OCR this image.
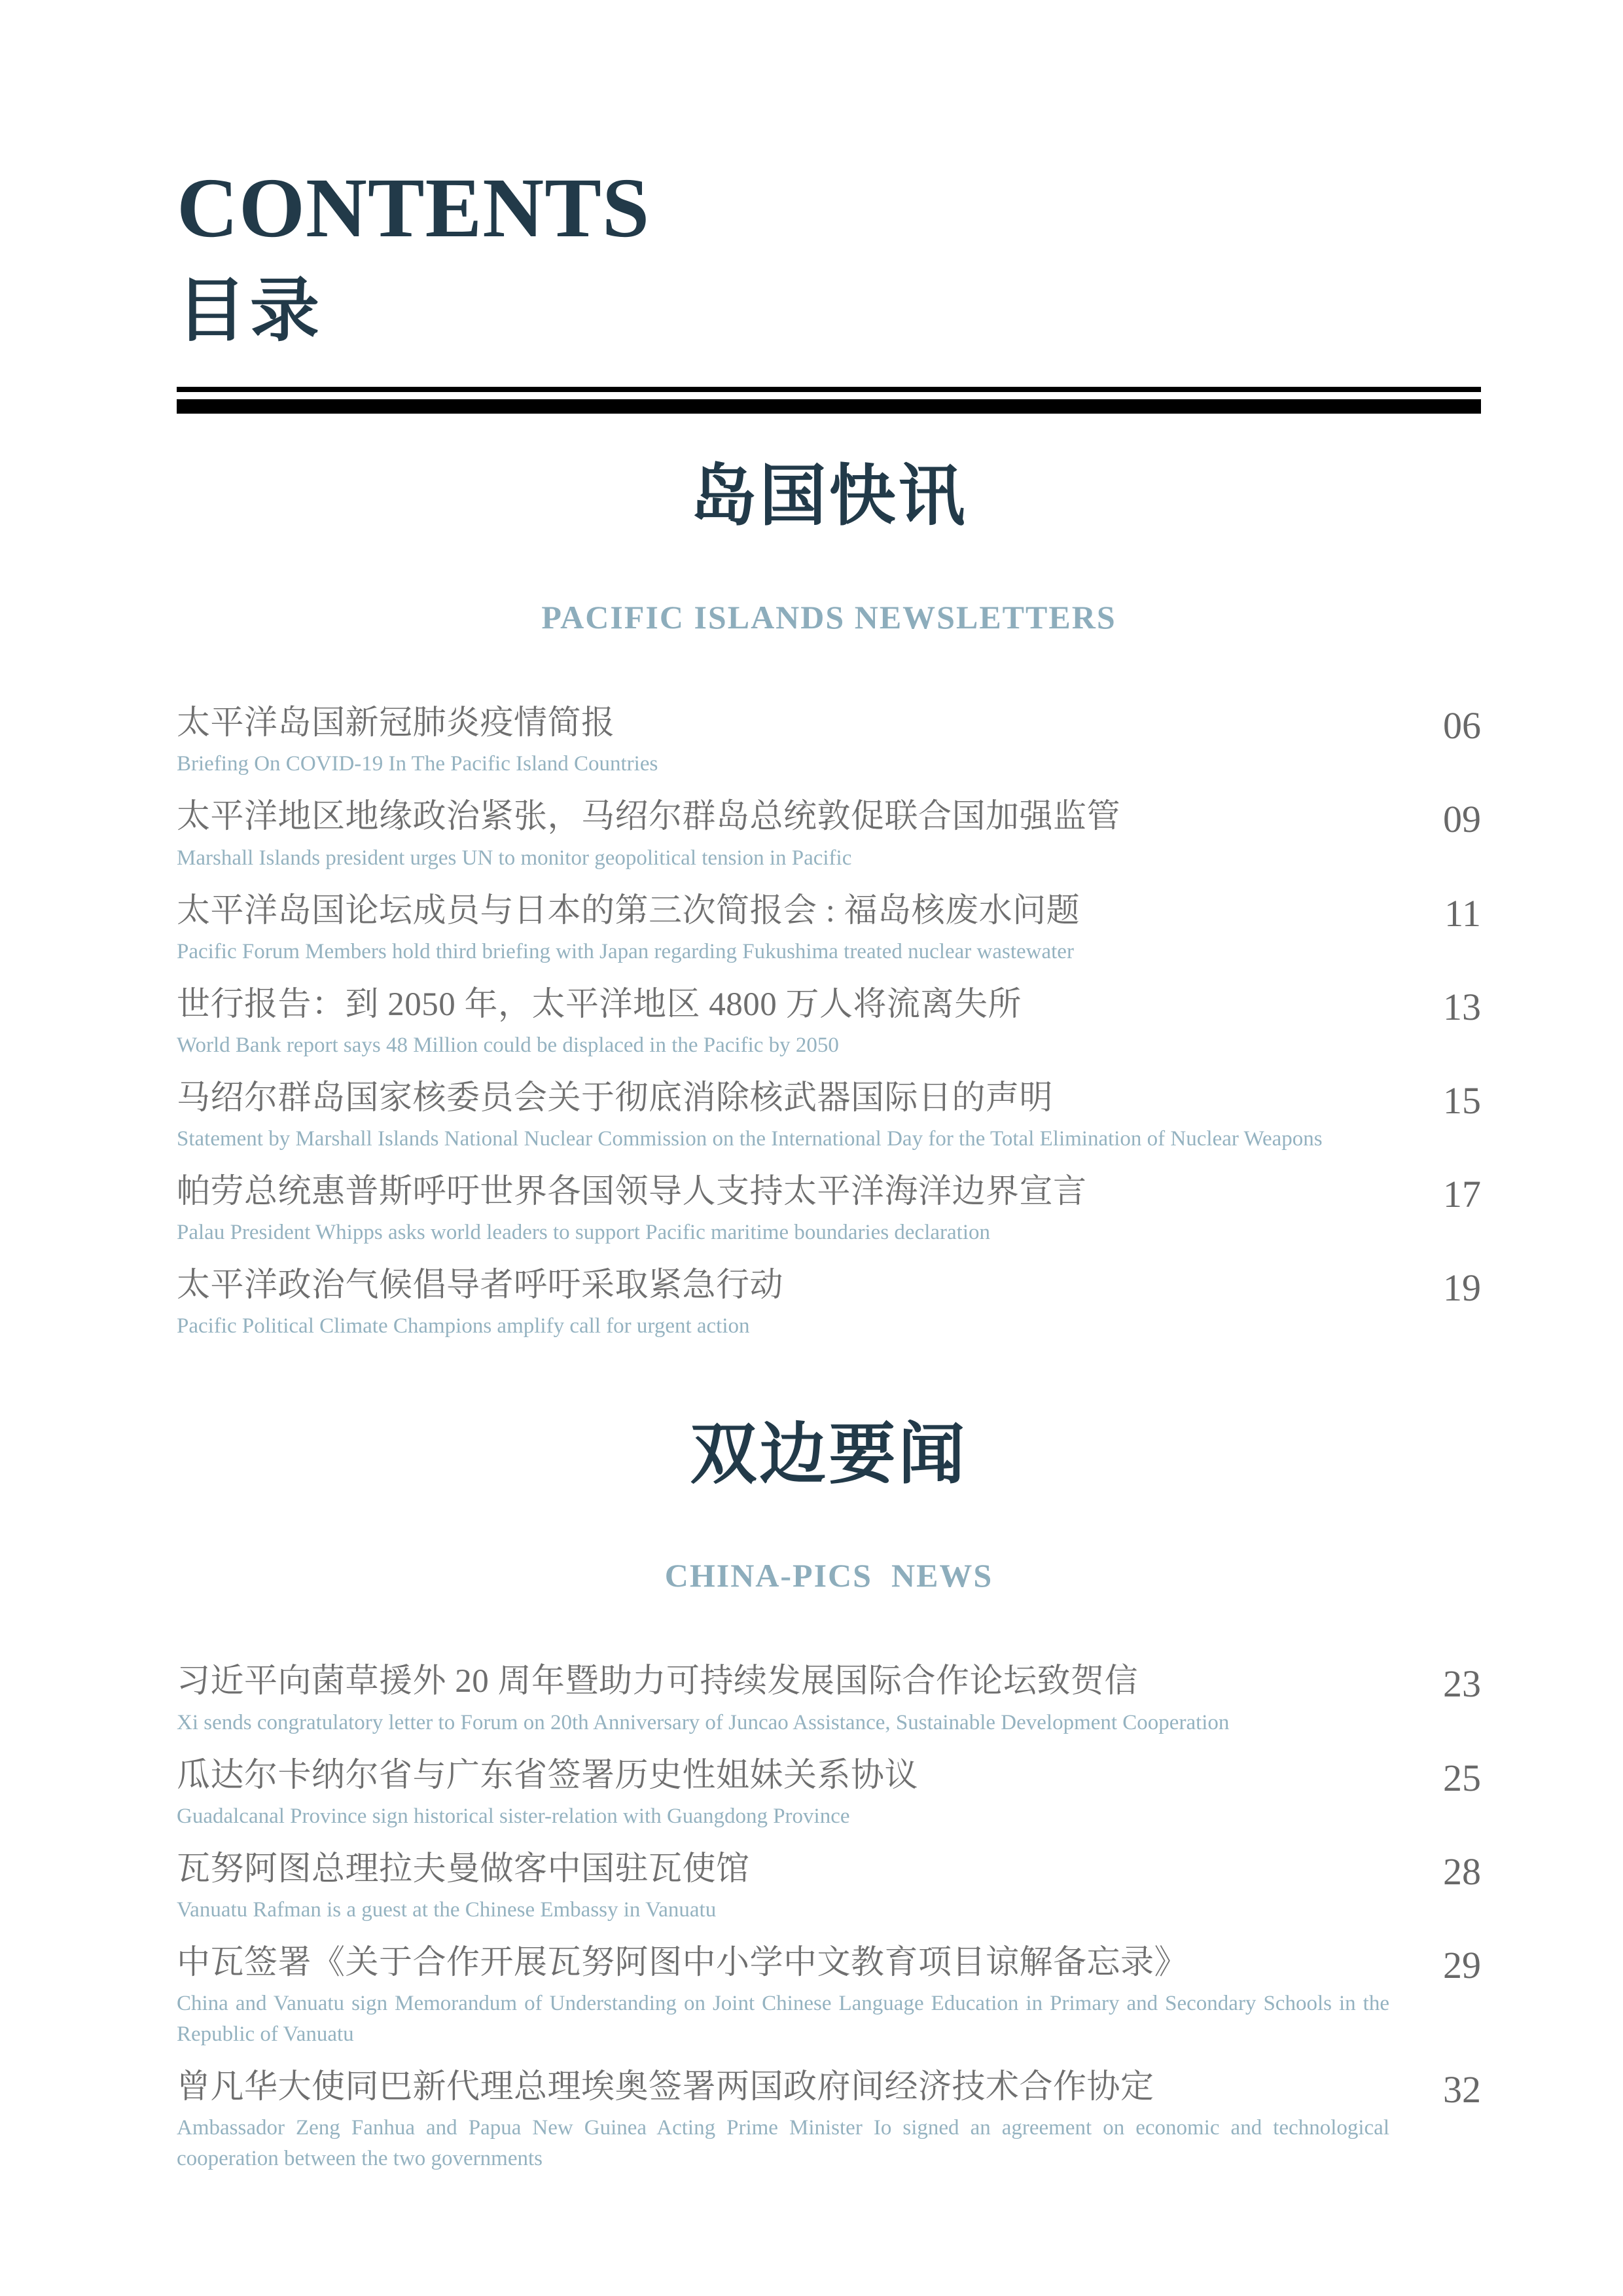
CONTENTS
目录
岛国快讯
PACIFIC ISLANDS NEWSLETTERS
太平洋岛国新冠肺炎疫情简报
Briefing On COVID-19 In The Pacific Island Countries
06
太平洋地区地缘政治紧张，马绍尔群岛总统敦促联合国加强监管
Marshall Islands president urges UN to monitor geopolitical tension in Pacific
09
太平洋岛国论坛成员与日本的第三次简报会 : 福岛核废水问题
Pacific Forum Members hold third briefing with Japan regarding Fukushima treated nuclear wastewater
11
世行报告：到 2050 年，太平洋地区 4800 万人将流离失所
World Bank report says 48 Million could be displaced in the Pacific by 2050
13
马绍尔群岛国家核委员会关于彻底消除核武器国际日的声明
Statement by Marshall Islands National Nuclear Commission on the International Day for the Total Elimination of Nuclear Weapons
15
帕劳总统惠普斯呼吁世界各国领导人支持太平洋海洋边界宣言
Palau President Whipps asks world leaders to support Pacific maritime boundaries declaration
17
太平洋政治气候倡导者呼吁采取紧急行动
Pacific Political Climate Champions amplify call for urgent action
19
双边要闻
CHINA-PICS  NEWS
习近平向菌草援外 20 周年暨助力可持续发展国际合作论坛致贺信
Xi sends congratulatory letter to Forum on 20th Anniversary of Juncao Assistance, Sustainable Development Cooperation
23
瓜达尔卡纳尔省与广东省签署历史性姐妹关系协议
Guadalcanal Province sign historical sister-relation with Guangdong Province
25
瓦努阿图总理拉夫曼做客中国驻瓦使馆
Vanuatu Rafman is a guest at the Chinese Embassy in Vanuatu
28
中瓦签署《关于合作开展瓦努阿图中小学中文教育项目谅解备忘录》
China and Vanuatu sign Memorandum of Understanding on Joint Chinese Language Education in Primary and Secondary Schools in the Republic of Vanuatu
29
曾凡华大使同巴新代理总理埃奥签署两国政府间经济技术合作协定
Ambassador Zeng Fanhua and Papua New Guinea Acting Prime Minister Io signed an agreement on economic and technological cooperation between the two governments
32
